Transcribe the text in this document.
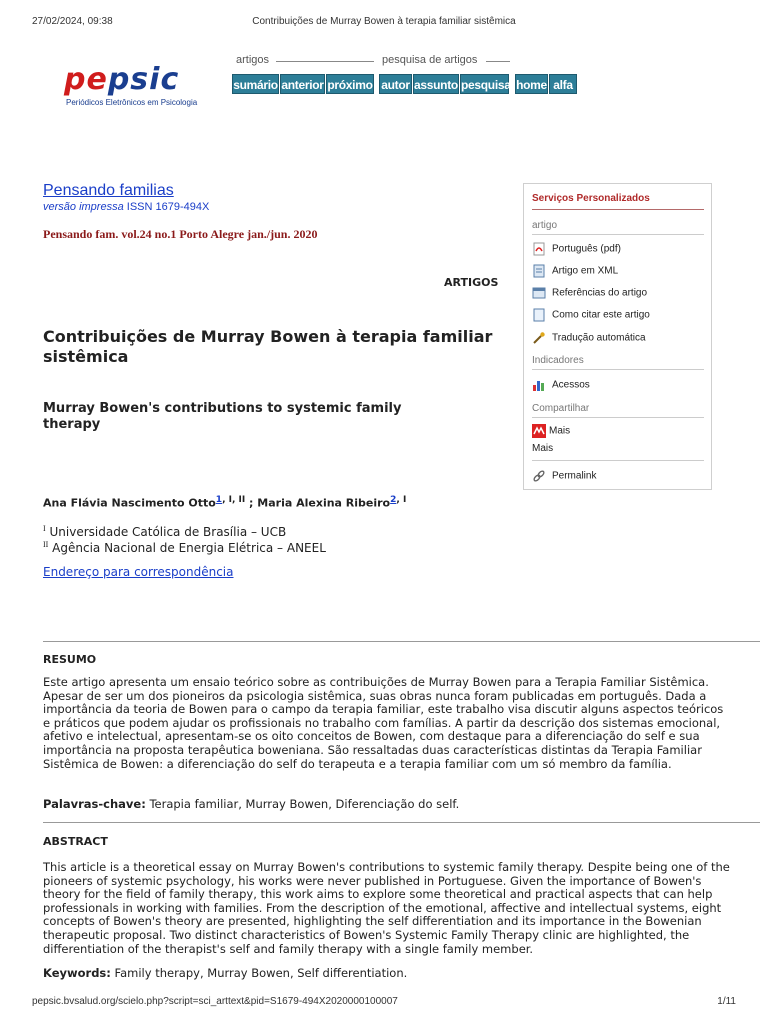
27/02/2024, 09:38	Contribuições de Murray Bowen à terapia familiar sistêmica
pepsic
Periódicos Eletrônicos em Psicologia
artigos	pesquisa de artigos
sumário anterior próximo autor assunto pesquisa home alfa
Pensando familias
versão impressa ISSN 1679-494X
Pensando fam. vol.24 no.1 Porto Alegre jan./jun. 2020
ARTIGOS
Contribuições de Murray Bowen à terapia familiar sistêmica
Murray Bowen's contributions to systemic family therapy
Ana Flávia Nascimento Otto$^{1, I, II}$ ; Maria Alexina Ribeiro$^{2, I}$
$^I$ Universidade Católica de Brasília – UCB
$^{II}$ Agência Nacional de Energia Elétrica – ANEEL
Endereço para correspondência
Serviços Personalizados
artigo
Português (pdf)
Artigo em XML
Referências do artigo
Como citar este artigo
Tradução automática
Indicadores
Acessos
Compartilhar
Mais
Mais
Permalink
RESUMO
Este artigo apresenta um ensaio teórico sobre as contribuições de Murray Bowen para a Terapia Familiar Sistêmica. Apesar de ser um dos pioneiros da psicologia sistêmica, suas obras nunca foram publicadas em português. Dada a importância da teoria de Bowen para o campo da terapia familiar, este trabalho visa discutir alguns aspectos teóricos e práticos que podem ajudar os profissionais no trabalho com famílias. A partir da descrição dos sistemas emocional, afetivo e intelectual, apresentam-se os oito conceitos de Bowen, com destaque para a diferenciação do self e sua importância na proposta terapêutica boweniana. São ressaltadas duas características distintas da Terapia Familiar Sistêmica de Bowen: a diferenciação do self do terapeuta e a terapia familiar com um só membro da família.
Palavras-chave: Terapia familiar, Murray Bowen, Diferenciação do self.
ABSTRACT
This article is a theoretical essay on Murray Bowen's contributions to systemic family therapy. Despite being one of the pioneers of systemic psychology, his works were never published in Portuguese. Given the importance of Bowen's theory for the field of family therapy, this work aims to explore some theoretical and practical aspects that can help professionals in working with families. From the description of the emotional, affective and intellectual systems, eight concepts of Bowen's theory are presented, highlighting the self differentiation and its importance in the Bowenian therapeutic proposal. Two distinct characteristics of Bowen's Systemic Family Therapy clinic are highlighted, the differentiation of the therapist's self and family therapy with a single family member.
Keywords: Family therapy, Murray Bowen, Self differentiation.
pepsic.bvsalud.org/scielo.php?script=sci_arttext&pid=S1679-494X2020000100007	1/11
